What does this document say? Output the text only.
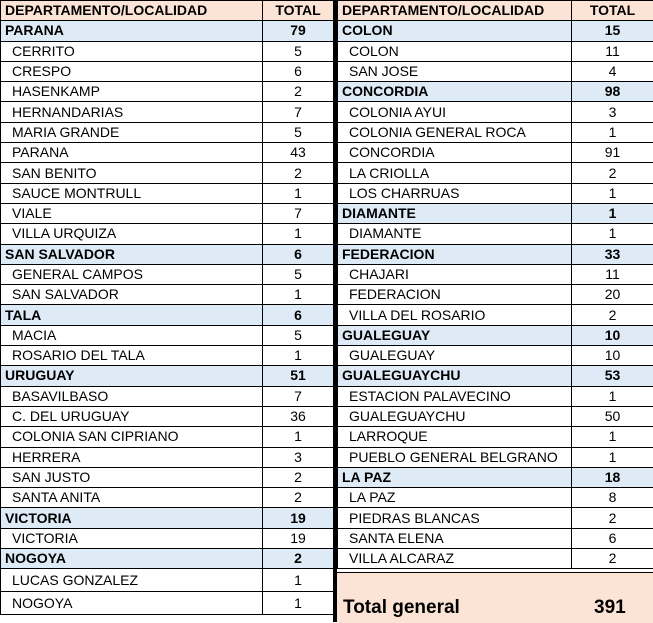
DEPARTAMENTO/LOCALIDAD	TOTAL
PARANA	79
CERRITO	5
CRESPO	6
HASENKAMP	2
HERNANDARIAS	7
MARIA GRANDE	5
PARANA	43
SAN BENITO	2
SAUCE MONTRULL	1
VIALE	7
VILLA URQUIZA	1
SAN SALVADOR	6
GENERAL CAMPOS	5
SAN SALVADOR	1
TALA	6
MACIA	5
ROSARIO DEL TALA	1
URUGUAY	51
BASAVILBASO	7
C. DEL URUGUAY	36
COLONIA SAN CIPRIANO	1
HERRERA	3
SAN JUSTO	2
SANTA ANITA	2
VICTORIA	19
VICTORIA	19
NOGOYA	2
LUCAS GONZALEZ	1
NOGOYA	1
DEPARTAMENTO/LOCALIDAD	TOTAL
COLON	15
COLON	11
SAN JOSE	4
CONCORDIA	98
COLONIA AYUI	3
COLONIA GENERAL ROCA	1
CONCORDIA	91
LA CRIOLLA	2
LOS CHARRUAS	1
DIAMANTE	1
DIAMANTE	1
FEDERACION	33
CHAJARI	11
FEDERACION	20
VILLA DEL ROSARIO	2
GUALEGUAY	10
GUALEGUAY	10
GUALEGUAYCHU	53
ESTACION PALAVECINO	1
GUALEGUAYCHU	50
LARROQUE	1
PUEBLO GENERAL BELGRANO	1
LA PAZ	18
LA PAZ	8
PIEDRAS BLANCAS	2
SANTA ELENA	6
VILLA ALCARAZ	2
Total general	391
